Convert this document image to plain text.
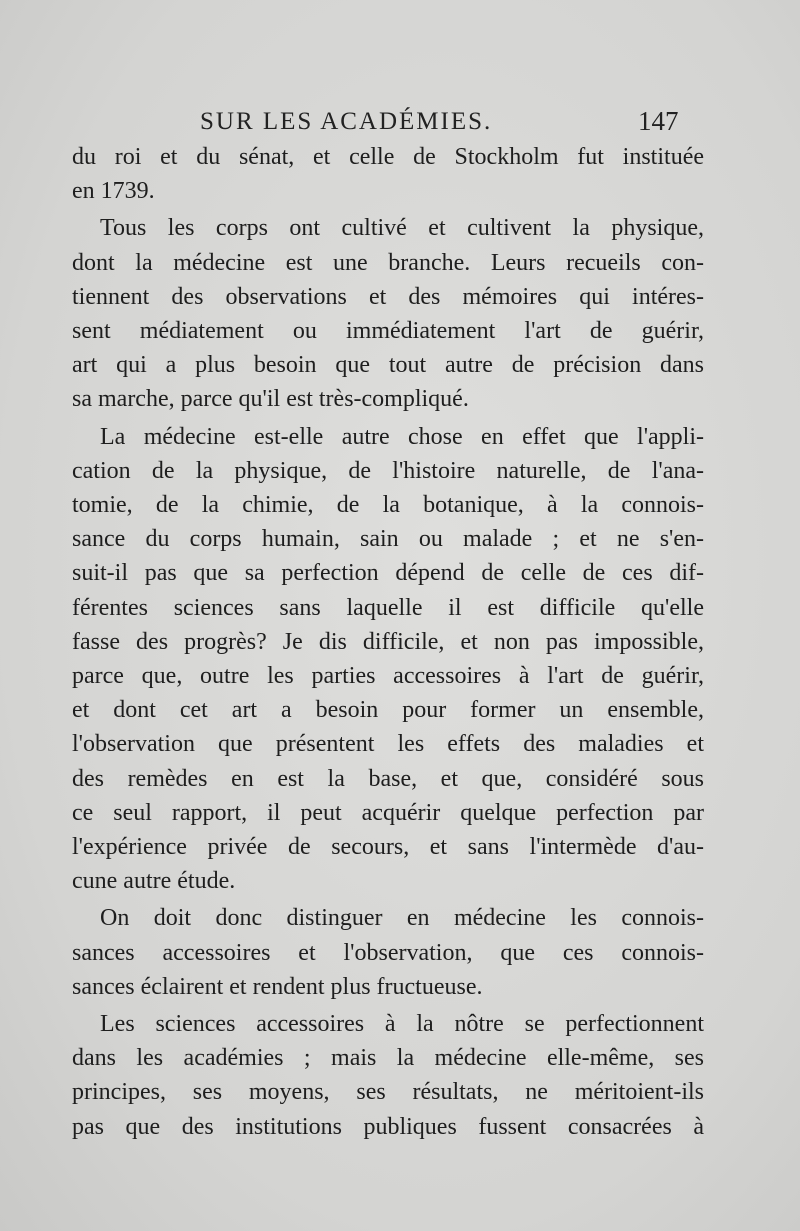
SUR LES ACADÉMIES.	147
du roi et du sénat, et celle de Stockholm fut instituée
en 1739.
Tous les corps ont cultivé et cultivent la physique,
dont la médecine est une branche. Leurs recueils con-
tiennent des observations et des mémoires qui intéres-
sent médiatement ou immédiatement l'art de guérir,
art qui a plus besoin que tout autre de précision dans
sa marche, parce qu'il est très-compliqué.
La médecine est-elle autre chose en effet que l'appli-
cation de la physique, de l'histoire naturelle, de l'ana-
tomie, de la chimie, de la botanique, à la connois-
sance du corps humain, sain ou malade ; et ne s'en-
suit-il pas que sa perfection dépend de celle de ces dif-
férentes sciences sans laquelle il est difficile qu'elle
fasse des progrès? Je dis difficile, et non pas impossible,
parce que, outre les parties accessoires à l'art de guérir,
et dont cet art a besoin pour former un ensemble,
l'observation que présentent les effets des maladies et
des remèdes en est la base, et que, considéré sous
ce seul rapport, il peut acquérir quelque perfection par
l'expérience privée de secours, et sans l'intermède d'au-
cune autre étude.
On doit donc distinguer en médecine les connois-
sances accessoires et l'observation, que ces connois-
sances éclairent et rendent plus fructueuse.
Les sciences accessoires à la nôtre se perfectionnent
dans les académies ; mais la médecine elle-même, ses
principes, ses moyens, ses résultats, ne méritoient-ils
pas que des institutions publiques fussent consacrées à
